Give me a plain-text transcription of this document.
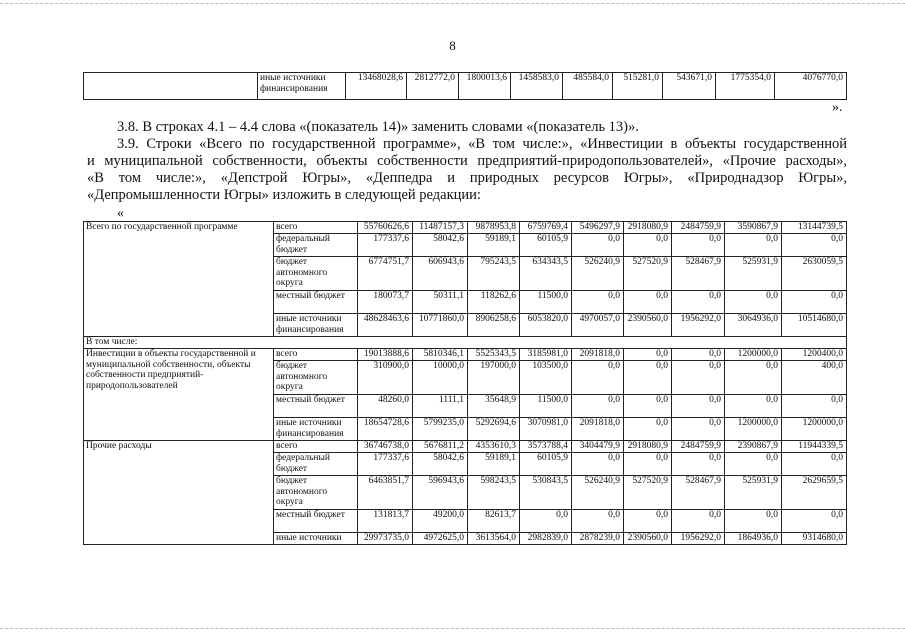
8
	иные источники финансирования	13468028,6	2812772,0	1800013,6	1458583,0	485584,0	515281,0	543671,0	1775354,0	4076770,0
».
3.8. В строках 4.1 – 4.4 слова «(показатель 14)» заменить словами «(показатель 13)».
3.9. Строки «Всего по государственной программе», «В том числе:», «Инвестиции в объекты государственной
и муниципальной собственности, объекты собственности предприятий-природопользователей», «Прочие расходы»,
«В том числе:», «Депстрой Югры», «Деппедра и природных ресурсов Югры», «Природнадзор Югры»,
«Депромышленности Югры» изложить в следующей редакции:
«
Всего по государственной программе	всего	55760626,6	11487157,3	9878953,8	6759769,4	5496297,9	2918080,9	2484759,9	3590867,9	13144739,5
	федеральный бюджет	177337,6	58042,6	59189,1	60105,9	0,0	0,0	0,0	0,0	0,0
	бюджет автономного округа	6774751,7	606943,6	795243,5	634343,5	526240,9	527520,9	528467,9	525931,9	2630059,5
	местный бюджет	180073,7	50311,1	118262,6	11500,0	0,0	0,0	0,0	0,0	0,0
	иные источники финансирования	48628463,6	10771860,0	8906258,6	6053820,0	4970057,0	2390560,0	1956292,0	3064936,0	10514680,0
В том числе:										
Инвестиции в объекты государственной и муниципальной собственности, объекты собственности предприятий-природопользователей	всего	19013888,6	5810346,1	5525343,5	3185981,0	2091818,0	0,0	0,0	1200000,0	1200400,0
	бюджет автономного округа	310900,0	10000,0	197000,0	103500,0	0,0	0,0	0,0	0,0	400,0
	местный бюджет	48260,0	1111,1	35648,9	11500,0	0,0	0,0	0,0	0,0	0,0
	иные источники финансирования	18654728,6	5799235,0	5292694,6	3070981,0	2091818,0	0,0	0,0	1200000,0	1200000,0
Прочие расходы	всего	36746738,0	5676811,2	4353610,3	3573788,4	3404479,9	2918080,9	2484759,9	2390867,9	11944339,5
	федеральный бюджет	177337,6	58042,6	59189,1	60105,9	0,0	0,0	0,0	0,0	0,0
	бюджет автономного округа	6463851,7	596943,6	598243,5	530843,5	526240,9	527520,9	528467,9	525931,9	2629659,5
	местный бюджет	131813,7	49200,0	82613,7	0,0	0,0	0,0	0,0	0,0	0,0
	иные источники	29973735,0	4972625,0	3613564,0	2982839,0	2878239,0	2390560,0	1956292,0	1864936,0	9314680,0
